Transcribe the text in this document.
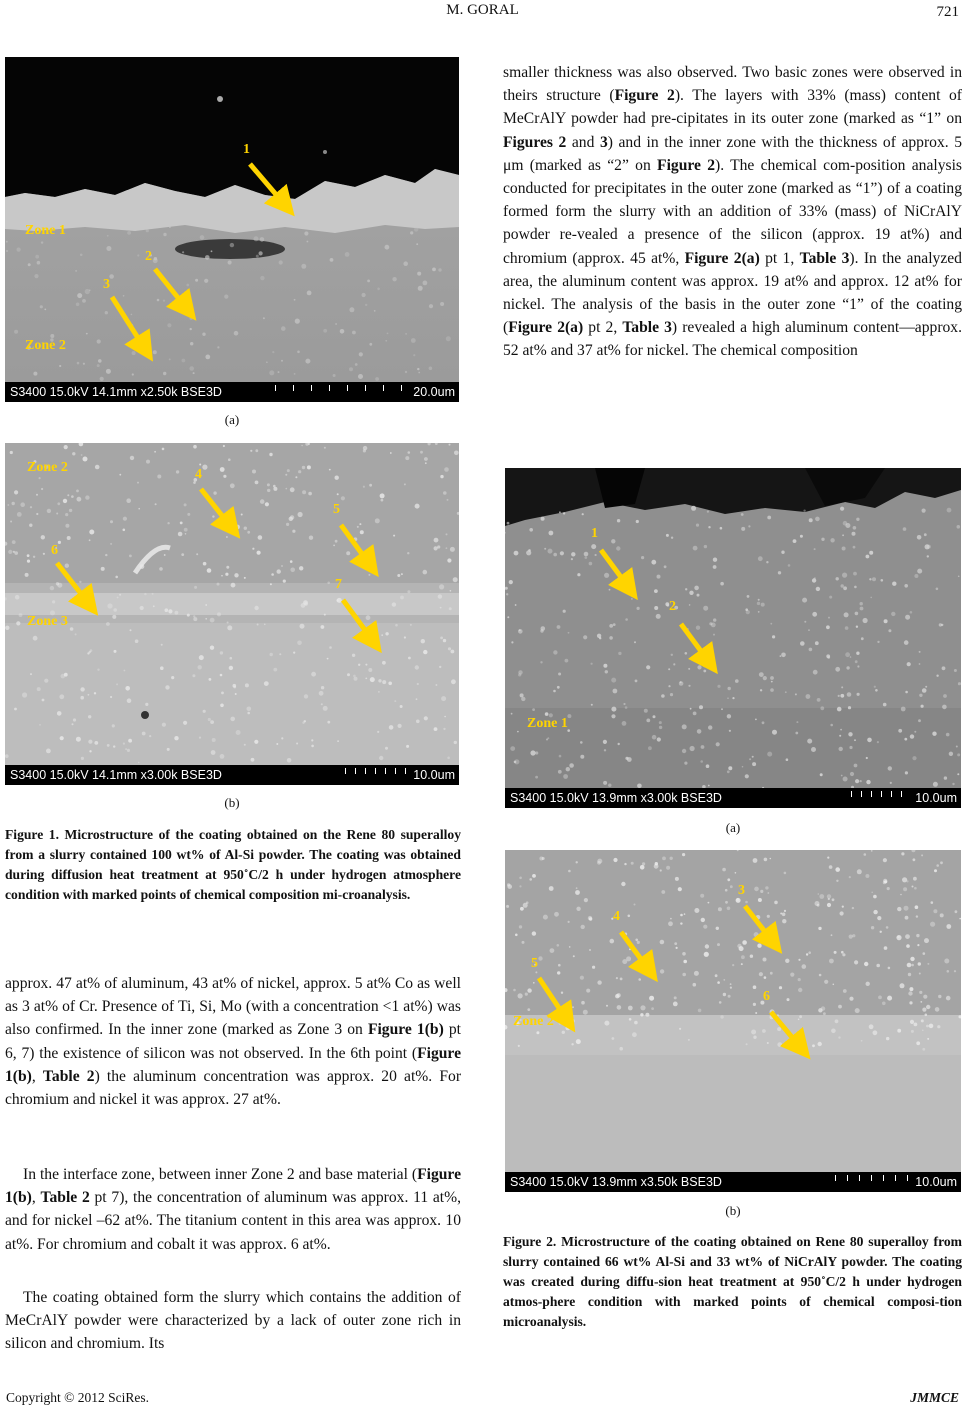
M. GORAL	721
Zone 1
Zone 2
1
2
3
S3400 15.0kV 14.1mm x2.50k BSE3D	20.0um
(a)
Zone 2
Zone 3
4
5
6
7
S3400 15.0kV 14.1mm x3.00k BSE3D	10.0um
(b)
Figure 1. Microstructure of the coating obtained on the Rene 80 superalloy from a slurry contained 100 wt% of Al-Si powder. The coating was obtained during diffusion heat treatment at 950˚C/2 h under hydrogen atmosphere condition with marked points of chemical composition mi-croanalysis.
approx. 47 at% of aluminum, 43 at% of nickel, approx. 5 at% Co as well as 3 at% of Cr. Presence of Ti, Si, Mo (with a concentration <1 at%) was also confirmed. In the inner zone (marked as Zone 3 on Figure 1(b) pt 6, 7) the existence of silicon was not observed. In the 6th point (Figure 1(b), Table 2) the aluminum concentration was approx. 20 at%. For chromium and nickel it was approx. 27 at%.
In the interface zone, between inner Zone 2 and base material (Figure 1(b), Table 2 pt 7), the concentration of aluminum was approx. 11 at%, and for nickel –62 at%. The titanium content in this area was approx. 10 at%. For chromium and cobalt it was approx. 6 at%.
The coating obtained form the slurry which contains the addition of MeCrAlY powder were characterized by a lack of outer zone rich in silicon and chromium. Its
smaller thickness was also observed. Two basic zones were observed in theirs structure (Figure 2). The layers with 33% (mass) content of MeCrAlY powder had pre-cipitates in its outer zone (marked as “1” on Figures 2 and 3) and in the inner zone with the thickness of approx. 5 μm (marked as “2” on Figure 2). The chemical com-position analysis conducted for precipitates in the outer zone (marked as “1”) of a coating formed form the slurry with an addition of 33% (mass) of NiCrAlY powder re-vealed a presence of the silicon (approx. 19 at%) and chromium (approx. 45 at%, Figure 2(a) pt 1, Table 3). In the analyzed area, the aluminum content was approx. 19 at% and approx. 12 at% for nickel. The analysis of the basis in the outer zone “1” of the coating (Figure 2(a) pt 2, Table 3) revealed a high aluminum content—approx. 52 at% and 37 at% for nickel. The chemical composition
1
2
Zone 1
S3400 15.0kV 13.9mm x3.00k BSE3D	10.0um
(a)
3
4
5
6
Zone 2
S3400 15.0kV 13.9mm x3.50k BSE3D	10.0um
(b)
Figure 2. Microstructure of the coating obtained on Rene 80 superalloy from slurry contained 66 wt% Al-Si and 33 wt% of NiCrAlY powder. The coating was created during diffu-sion heat treatment at 950˚C/2 h under hydrogen atmos-phere condition with marked points of chemical composi-tion microanalysis.
Copyright © 2012 SciRes.	JMMCE
